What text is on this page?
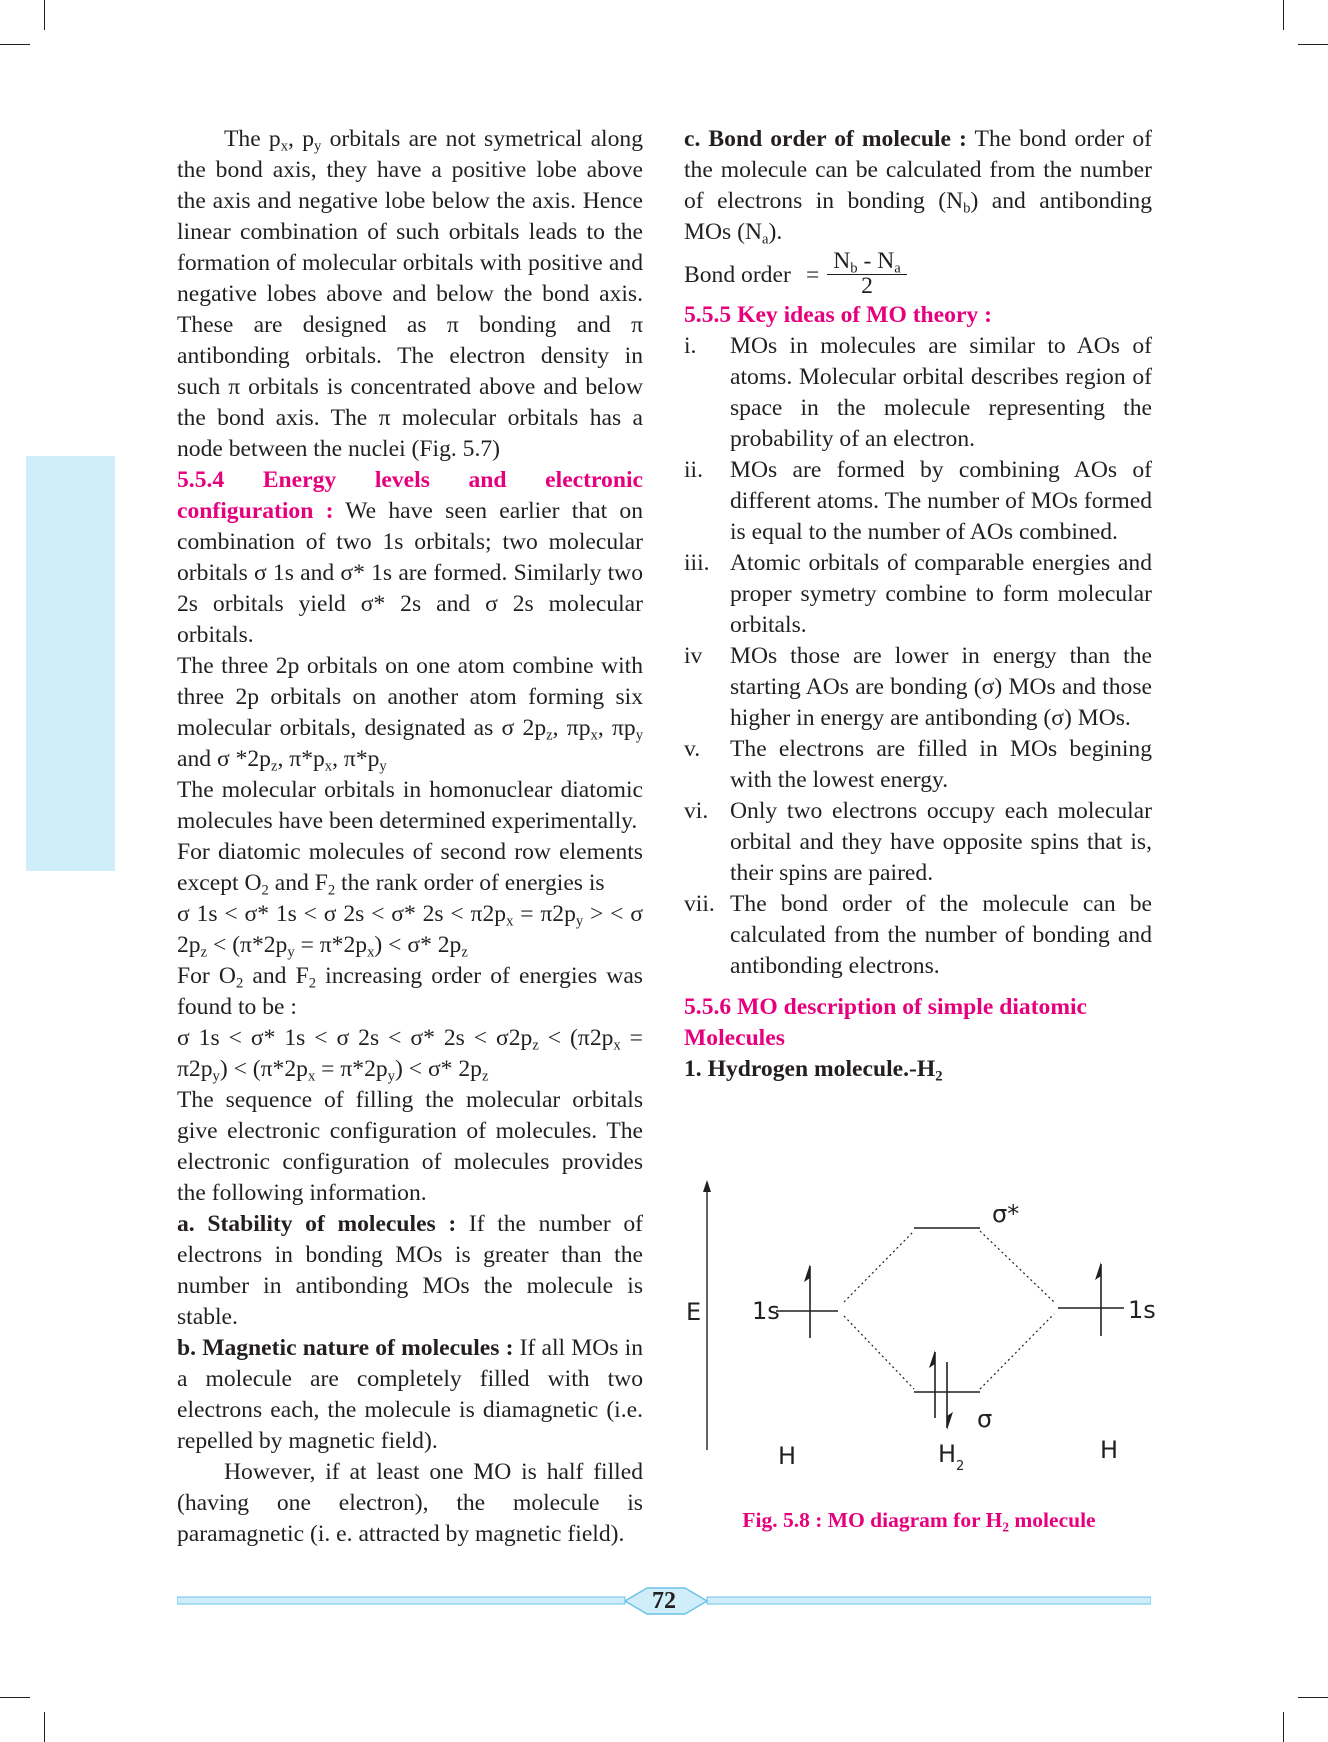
The $p_x$, $p_y$ orbitals are not symetrical along the bond axis, they have a positive lobe above the axis and negative lobe below the axis. Hence linear combination of such orbitals leads to the formation of molecular orbitals with positive and negative lobes above and below the bond axis. These are designed as π bonding and π antibonding orbitals. The electron density in such π orbitals is concentrated above and below the bond axis. The π molecular orbitals has a node between the nuclei (Fig. 5.7)

5.5.4 Energy levels and electronic configuration : We have seen earlier that on combination of two 1s orbitals; two molecular orbitals σ 1s and σ* 1s are formed. Similarly two 2s orbitals yield σ* 2s and σ 2s molecular orbitals.

The three 2p orbitals on one atom combine with three 2p orbitals on another atom forming six molecular orbitals, designated as σ $2p_z$, $\pi p_x$, $\pi p_y$ and σ $*2p_z$, $\pi*p_x$, $\pi*p_y$

The molecular orbitals in homonuclear diatomic molecules have been determined experimentally.

For diatomic molecules of second row elements except $O_2$ and $F_2$ the rank order of energies is

σ 1s < σ* 1s < σ 2s < σ* $2s < \pi 2p_x = \pi 2p_y$ > < σ $2p_z < (\pi*2p_y = \pi*2p_x) < \sigma*$ $2p_z$

For $O_2$ and $F_2$ increasing order of energies was found to be :

σ 1s < σ* 1s < σ 2s < σ* $2s < \sigma 2p_z < (\pi 2p_x = \pi 2p_y) < (\pi*2p_x = \pi*2p_y) < \sigma*$ $2p_z$

The sequence of filling the molecular orbitals give electronic configuration of molecules. The electronic configuration of molecules provides the following information.

a. Stability of molecules : If the number of electrons in bonding MOs is greater than the number in antibonding MOs the molecule is stable.

b. Magnetic nature of molecules : If all MOs in a molecule are completely filled with two electrons each, the molecule is diamagnetic (i.e. repelled by magnetic field).

However, if at least one MO is half filled (having one electron), the molecule is paramagnetic (i. e. attracted by magnetic field).

c. Bond order of molecule : The bond order of the molecule can be calculated from the number of electrons in bonding $(N_b)$ and antibonding MOs $(N_a)$.

Bond order = $\frac{N_b - N_a}{2}$

5.5.5 Key ideas of MO theory :

i. MOs in molecules are similar to AOs of atoms. Molecular orbital describes region of space in the molecule representing the probability of an electron.

ii. MOs are formed by combining AOs of different atoms. The number of MOs formed is equal to the number of AOs combined.

iii. Atomic orbitals of comparable energies and proper symetry combine to form molecular orbitals.

iv MOs those are lower in energy than the starting AOs are bonding (σ) MOs and those higher in energy are antibonding (σ) MOs.

v. The electrons are filled in MOs begining with the lowest energy.

vi. Only two electrons occupy each molecular orbital and they have opposite spins that is, their spins are paired.

vii. The bond order of the molecule can be calculated from the number of bonding and antibonding electrons.

5.5.6 MO description of simple diatomic Molecules

1. Hydrogen $molecule.-H_2$

E 1s	1s
σ*
σ
H	$H_2$
H
Fig. 5.8 : MO diagram for $H_2$ molecule
72
